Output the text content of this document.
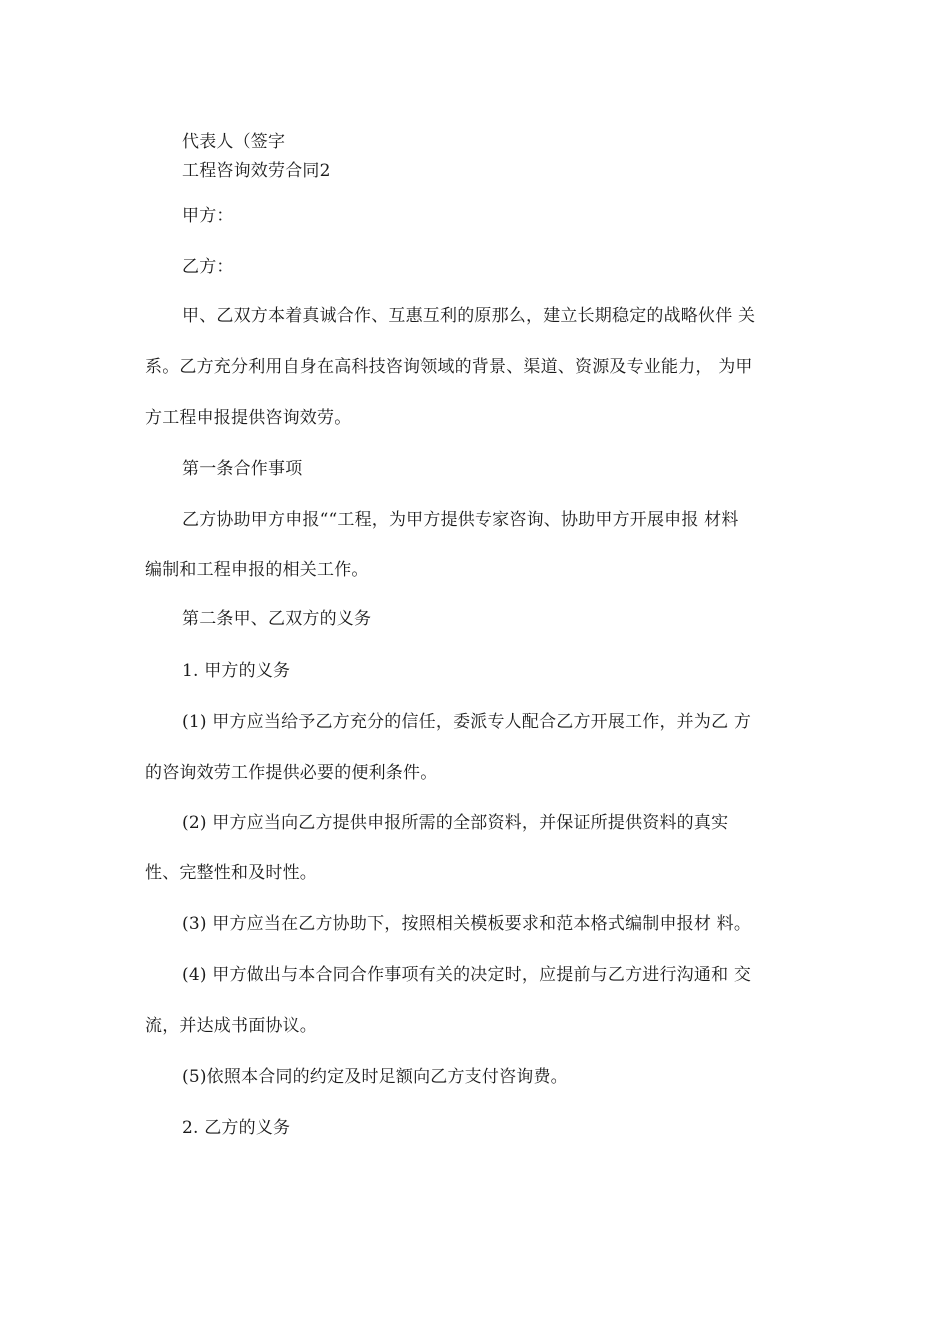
代表人（签字

工程咨询效劳合同2

甲方：

乙方：

甲、乙双方本着真诚合作、互惠互利的原那么，建立长期稳定的战略伙伴 关

系。乙方充分利用自身在高科技咨询领域的背景、渠道、资源及专业能力， 为甲

方工程申报提供咨询效劳。

第一条合作事项

乙方协助甲方申报““工程，为甲方提供专家咨询、协助甲方开展申报 材料

编制和工程申报的相关工作。

第二条甲、乙双方的义务

1. 甲方的义务

(1) 甲方应当给予乙方充分的信任，委派专人配合乙方开展工作，并为乙 方

的咨询效劳工作提供必要的便利条件。

(2) 甲方应当向乙方提供申报所需的全部资料，并保证所提供资料的真实

性、完整性和及时性。

(3) 甲方应当在乙方协助下，按照相关模板要求和范本格式编制申报材 料。

(4) 甲方做出与本合同合作事项有关的决定时，应提前与乙方进行沟通和 交

流，并达成书面协议。

(5)依照本合同的约定及时足额向乙方支付咨询费。

2. 乙方的义务
